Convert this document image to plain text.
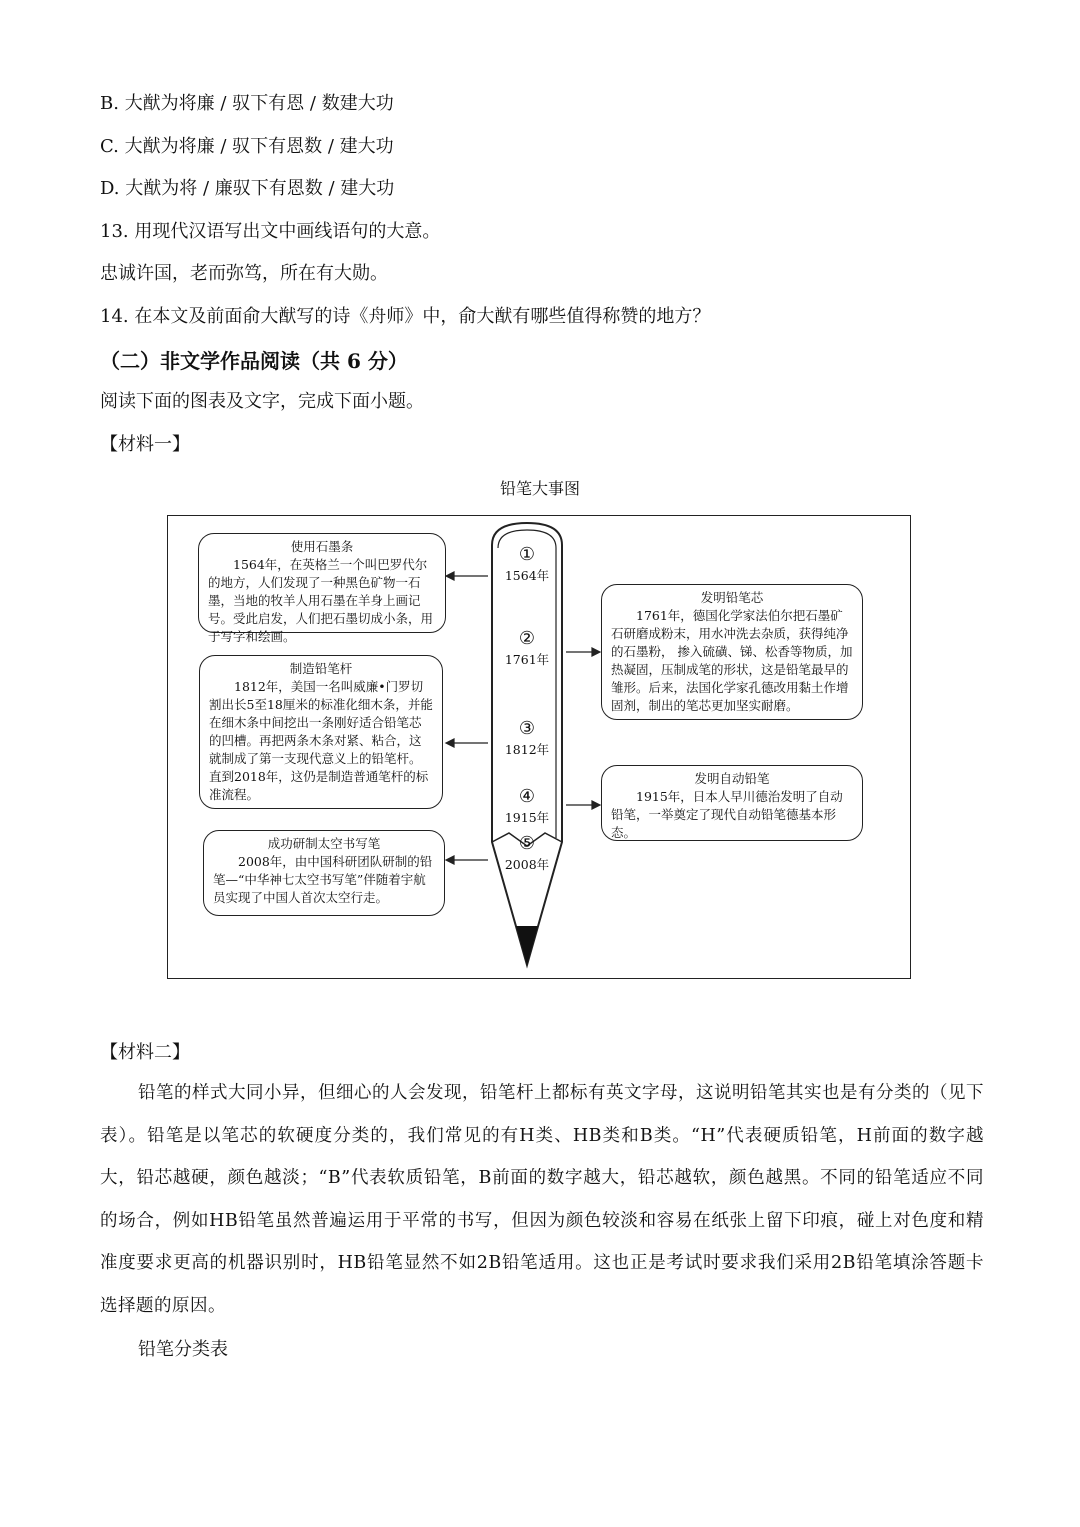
B. 大猷为将廉 / 驭下有恩 / 数建大功
C. 大猷为将廉 / 驭下有恩数 / 建大功
D. 大猷为将 / 廉驭下有恩数 / 建大功
13. 用现代汉语写出文中画线语句的大意。
忠诚许国，老而弥笃，所在有大勋。
14. 在本文及前面俞大猷写的诗《舟师》中，俞大猷有哪些值得称赞的地方？
（二）非文学作品阅读（共 6 分）
阅读下面的图表及文字，完成下面小题。
【材料一】
铅笔大事图
①
1564年
②
1761年
③
1812年
④
1915年
⑤
2008年
使用石墨条
1564年，在英格兰一个叫巴罗代尔的地方，人们发现了一种黑色矿物一石墨，当地的牧羊人用石墨在羊身上画记号。受此启发，人们把石墨切成小条，用于写字和绘画。
发明铅笔芯
1761年，德国化学家法伯尔把石墨矿石研磨成粉末，用水冲洗去杂质，获得纯净的石墨粉， 掺入硫磺、锑、松香等物质，加热凝固，压制成笔的形状，这是铅笔最早的雏形。后来，法国化学家孔德改用黏土作增固剂，制出的笔芯更加坚实耐磨。
制造铅笔杆
1812年，美国一名叫威廉•门罗切割出长5至18厘米的标准化细木条，并能在细木条中间挖出一条刚好适合铅笔芯的凹槽。再把两条木条对紧、粘合，这就制成了第一支现代意义上的铅笔杆。直到2018年，这仍是制造普通笔杆的标准流程。
发明自动铅笔
1915年，日本人早川德治发明了自动铅笔，一举奠定了现代自动铅笔德基本形态。
成功研制太空书写笔
2008年，由中国科研团队研制的铅笔—“中华神七太空书写笔”伴随着宇航员实现了中国人首次太空行走。
【材料二】
铅笔的样式大同小异，但细心的人会发现，铅笔杆上都标有英文字母，这说明铅笔其实也是有分类的（见下表）。铅笔是以笔芯的软硬度分类的，我们常见的有H类、HB类和B类。“H”代表硬质铅笔，H前面的数字越大，铅芯越硬，颜色越淡；“B”代表软质铅笔，B前面的数字越大，铅芯越软，颜色越黑。不同的铅笔适应不同的场合，例如HB铅笔虽然普遍运用于平常的书写，但因为颜色较淡和容易在纸张上留下印痕，碰上对色度和精准度要求更高的机器识别时，HB铅笔显然不如2B铅笔适用。这也正是考试时要求我们采用2B铅笔填涂答题卡选择题的原因。
铅笔分类表
